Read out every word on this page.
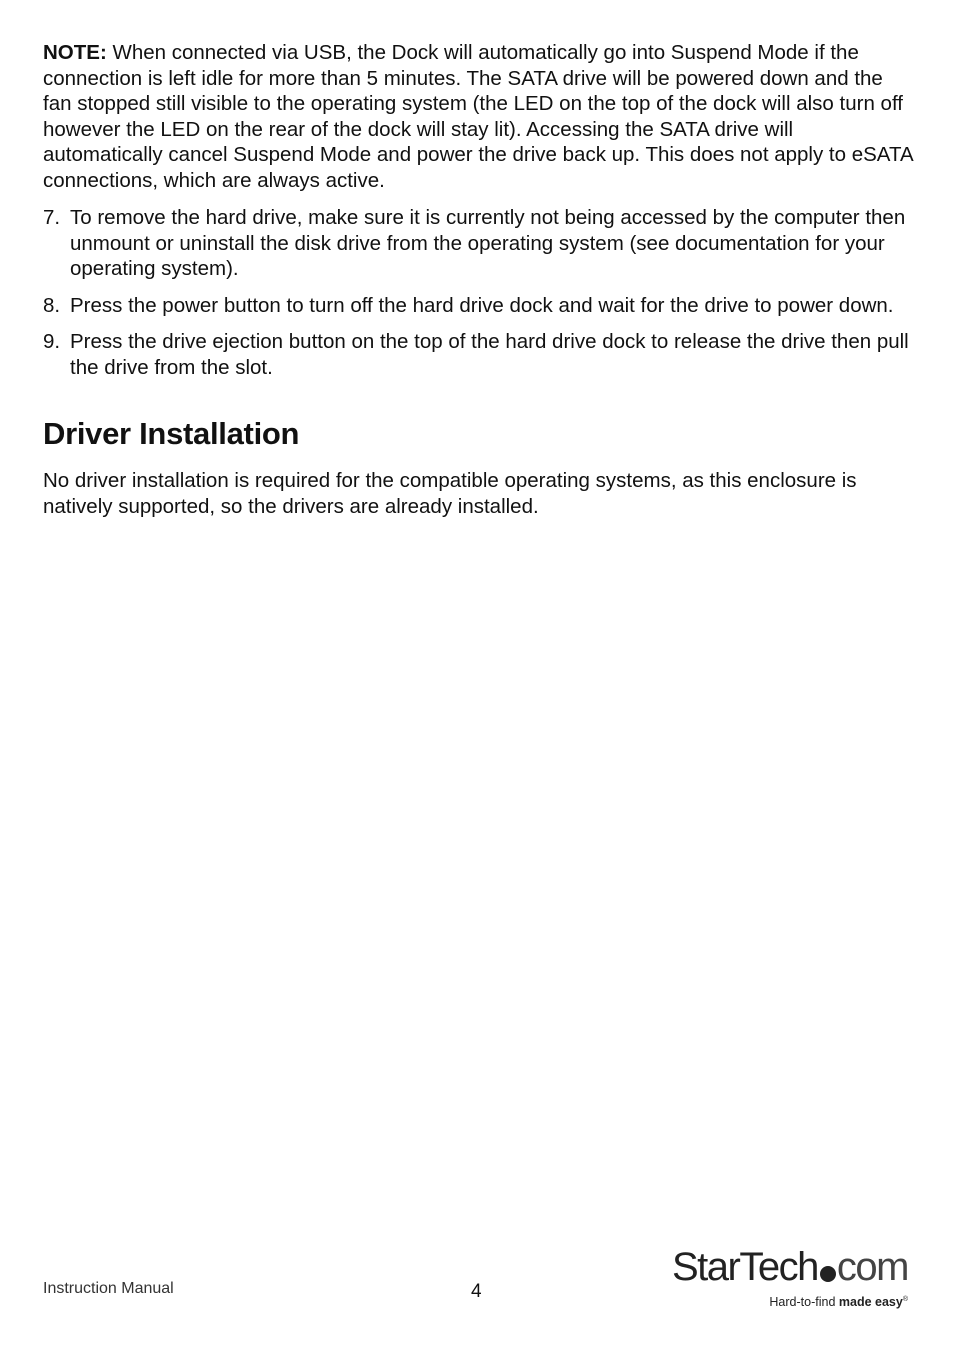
NOTE: When connected via USB, the Dock will automatically go into Suspend Mode if the connection is left idle for more than 5 minutes. The SATA drive will be powered down and the fan stopped still visible to the operating system (the LED on the top of the dock will also turn off however the LED on the rear of the dock will stay lit). Accessing the SATA drive will automatically cancel Suspend Mode and power the drive back up. This does not apply to eSATA connections, which are always active.

7. To remove the hard drive, make sure it is currently not being accessed by the computer then unmount or uninstall the disk drive from the operating system (see documentation for your operating system).
8. Press the power button to turn off the hard drive dock and wait for the drive to power down.
9. Press the drive ejection button on the top of the hard drive dock to release the drive then pull the drive from the slot.
Driver Installation

No driver installation is required for the compatible operating systems, as this enclosure is natively supported, so the drivers are already installed.

Instruction Manual	4
StarTech com
Hard-to-find made easy®
